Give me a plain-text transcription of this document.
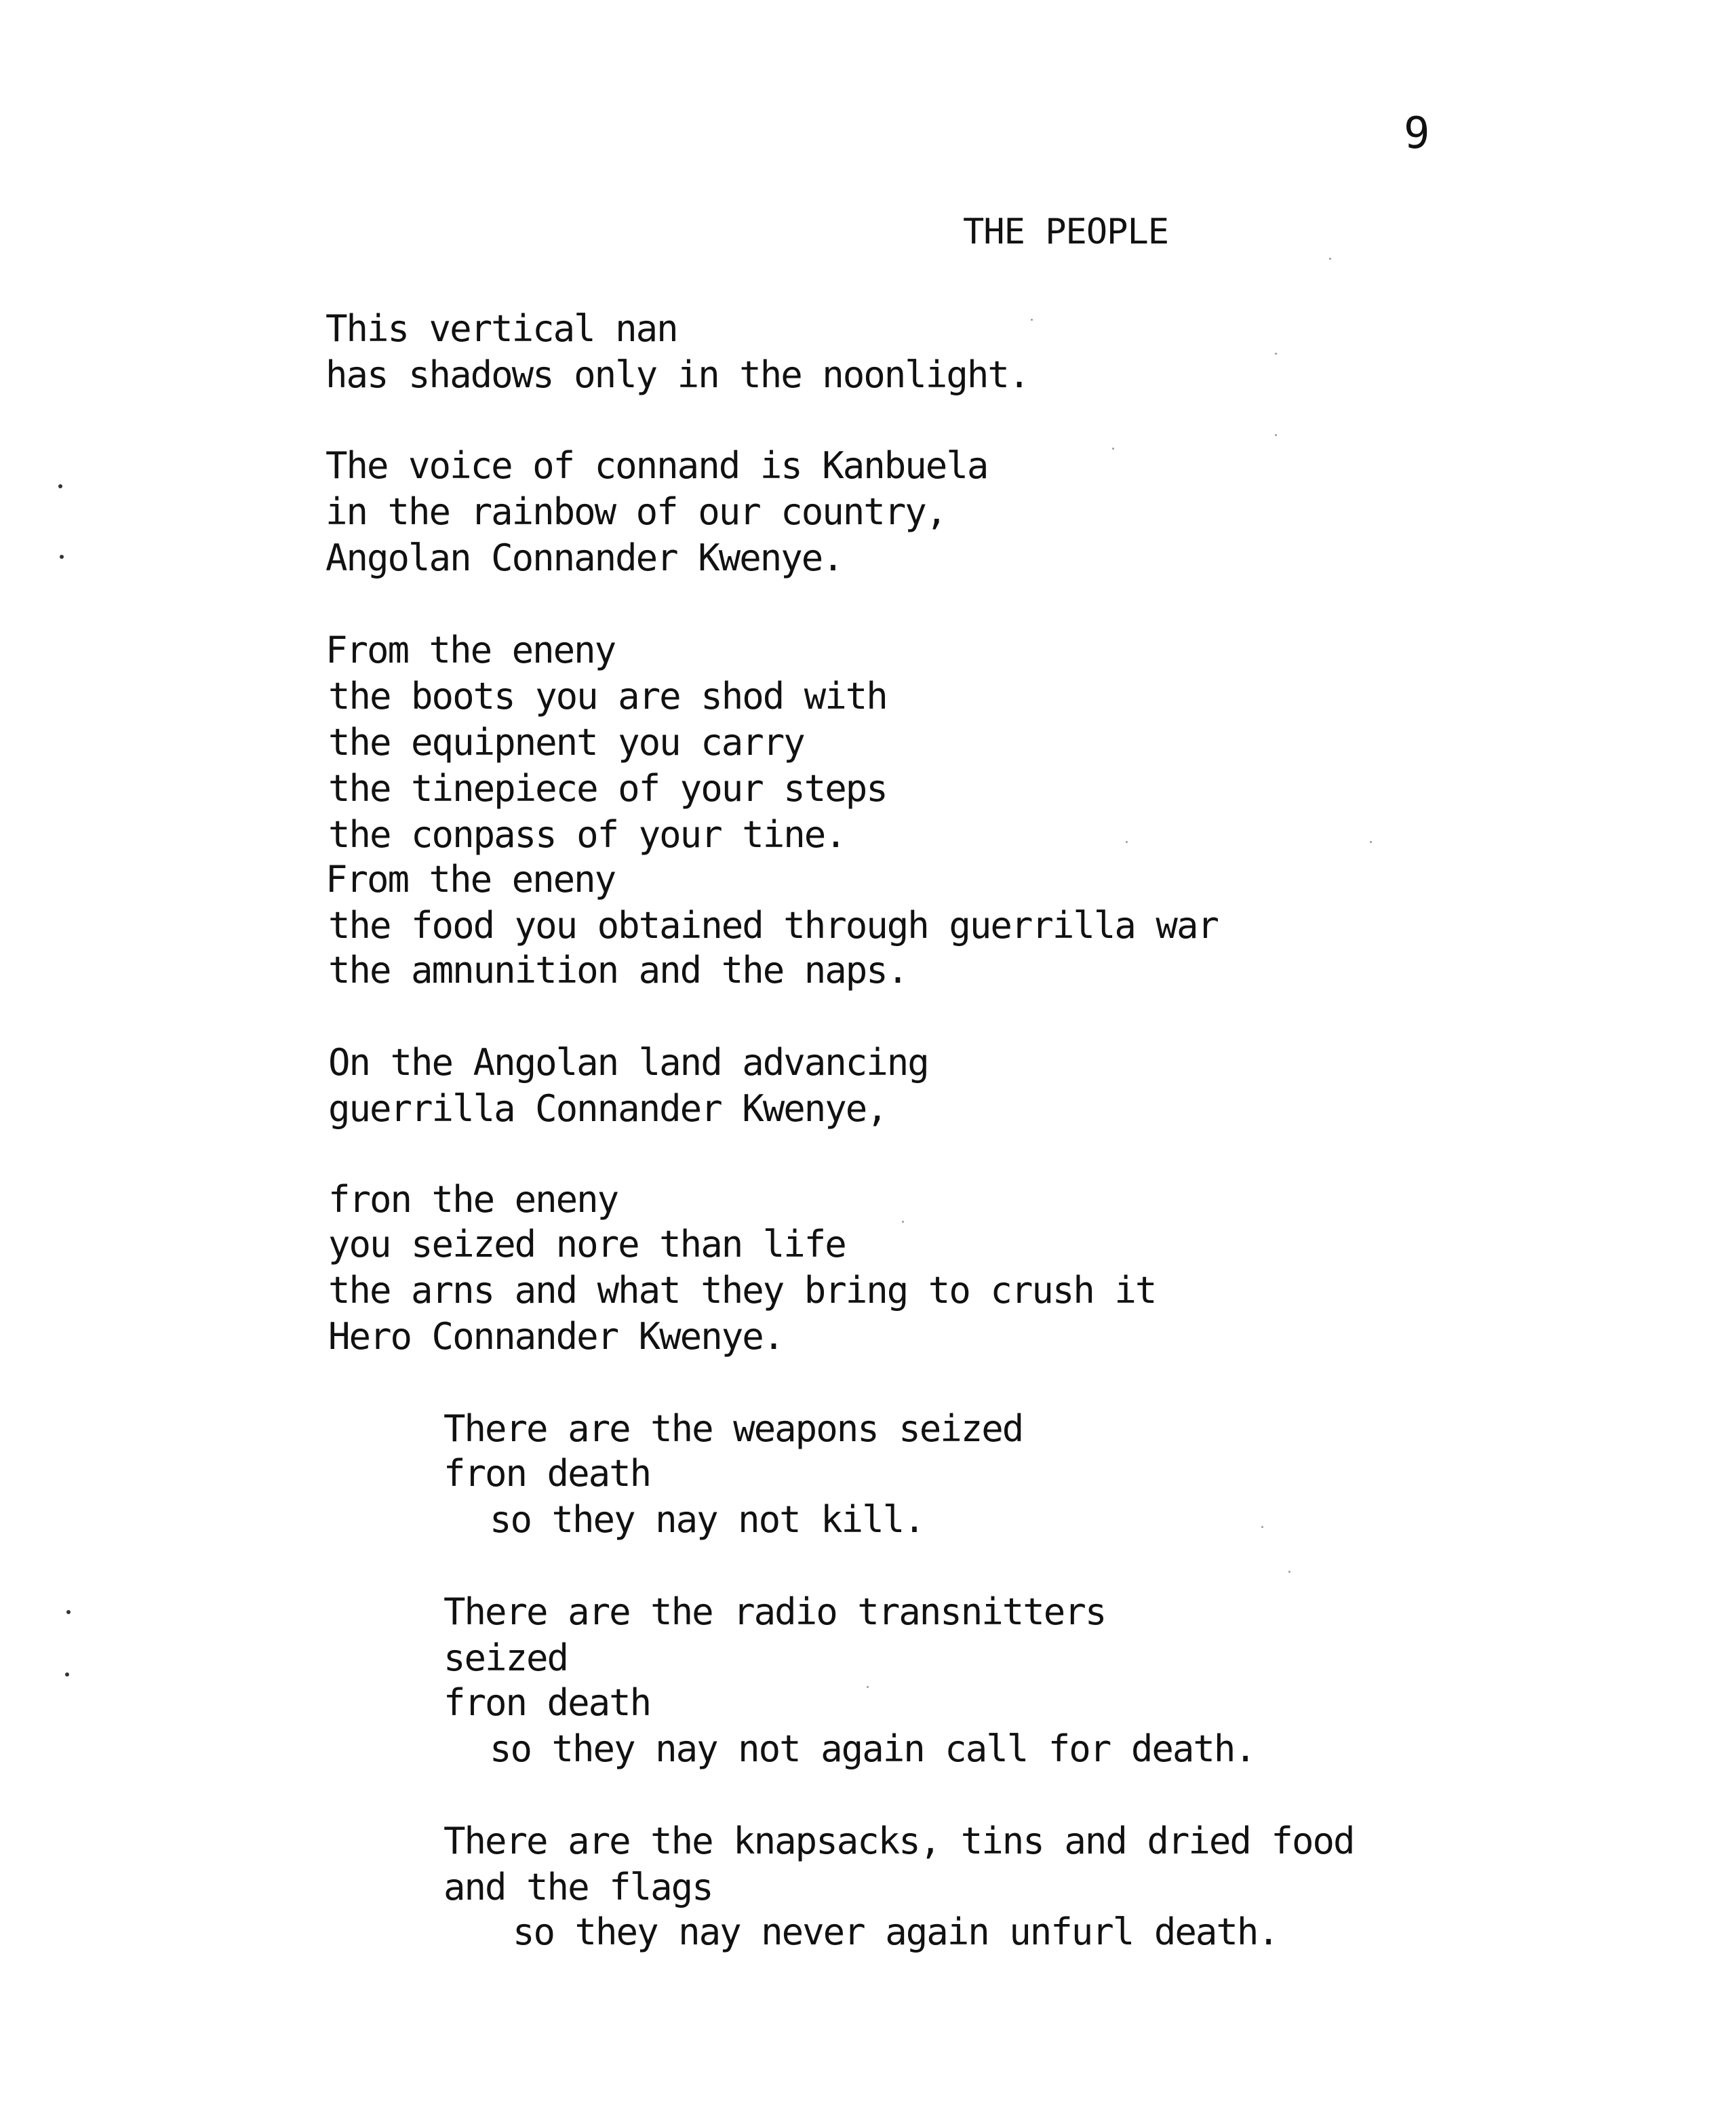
9
THE PEOPLE
This vertical nan
has shadows only in the noonlight.
The voice of connand is Kanbuela
in the rainbow of our country,
Angolan Connander Kwenye.
From the eneny
the boots you are shod with
the equipnent you carry
the tinepiece of your steps
the conpass of your tine.
From the eneny
the food you obtained through guerrilla war
the amnunition and the naps.
On the Angolan land advancing
guerrilla Connander Kwenye,
fron the eneny
you seized nore than life
the arns and what they bring to crush it
Hero Connander Kwenye.
There are the weapons seized
fron death
so they nay not kill.
There are the radio transnitters
seized
fron death
so they nay not again call for death.
There are the knapsacks, tins and dried food
and the flags
so they nay never again unfurl death.
